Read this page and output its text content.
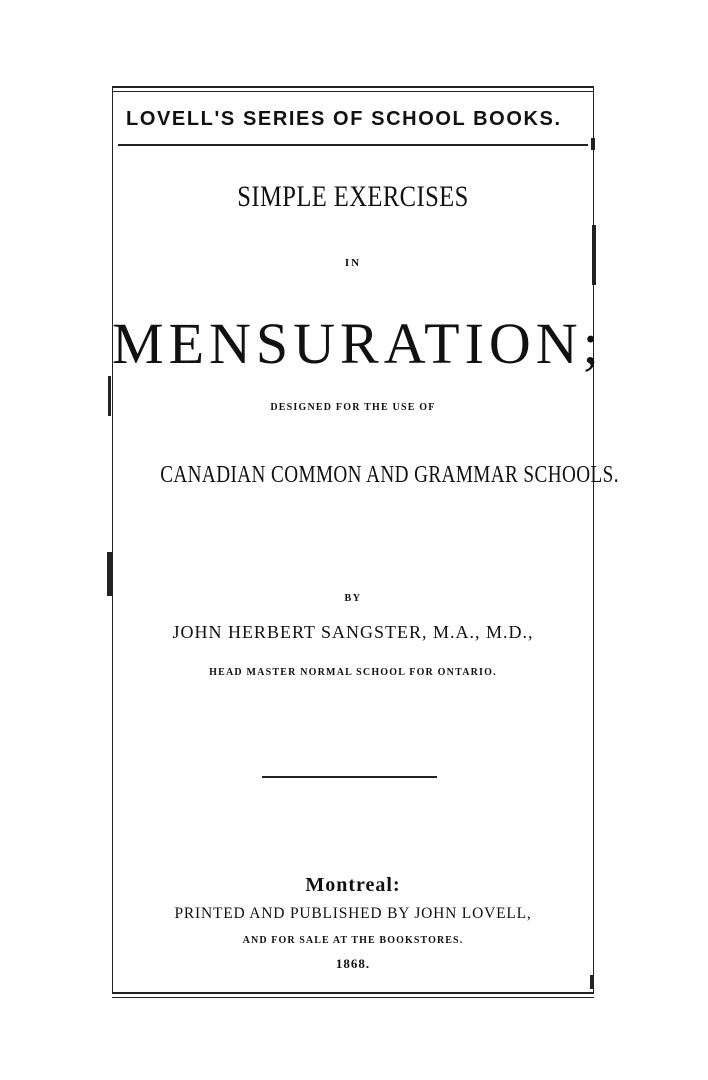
LOVELL'S SERIES OF SCHOOL BOOKS.
SIMPLE EXERCISES
IN
MENSURATION;
DESIGNED FOR THE USE OF
CANADIAN COMMON AND GRAMMAR SCHOOLS.
BY
JOHN HERBERT SANGSTER, M.A., M.D.,
HEAD MASTER NORMAL SCHOOL FOR ONTARIO.
Montreal:
PRINTED AND PUBLISHED BY JOHN LOVELL,
AND FOR SALE AT THE BOOKSTORES.
1868.
